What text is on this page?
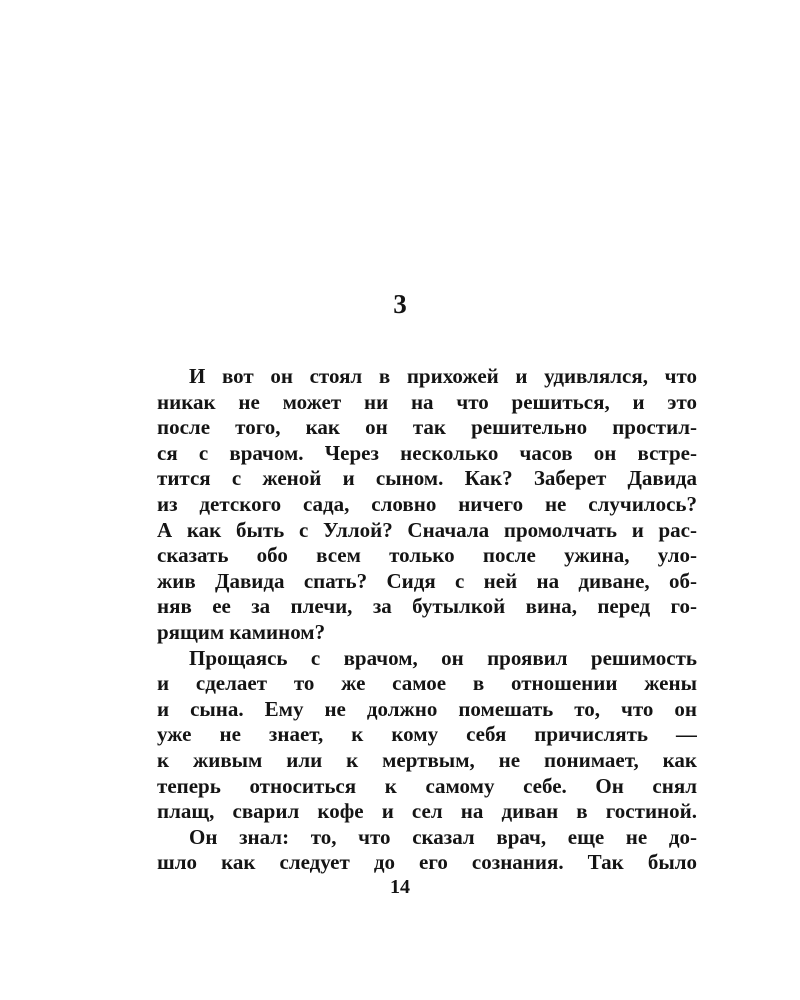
3
И вот он стоял в прихожей и удивлялся, что
никак не может ни на что решиться, и это
после того, как он так решительно простил-
ся с врачом. Через несколько часов он встре-
тится с женой и сыном. Как? Заберет Давида
из детского сада, словно ничего не случилось?
А как быть с Уллой? Сначала промолчать и рас-
сказать обо всем только после ужина, уло-
жив Давида спать? Сидя с ней на диване, об-
няв ее за плечи, за бутылкой вина, перед го-
рящим камином?
Прощаясь с врачом, он проявил решимость
и сделает то же самое в отношении жены
и сына. Ему не должно помешать то, что он
уже не знает, к кому себя причислять —
к живым или к мертвым, не понимает, как
теперь относиться к самому себе. Он снял
плащ, сварил кофе и сел на диван в гостиной.
Он знал: то, что сказал врач, еще не до-
шло как следует до его сознания. Так было
14
